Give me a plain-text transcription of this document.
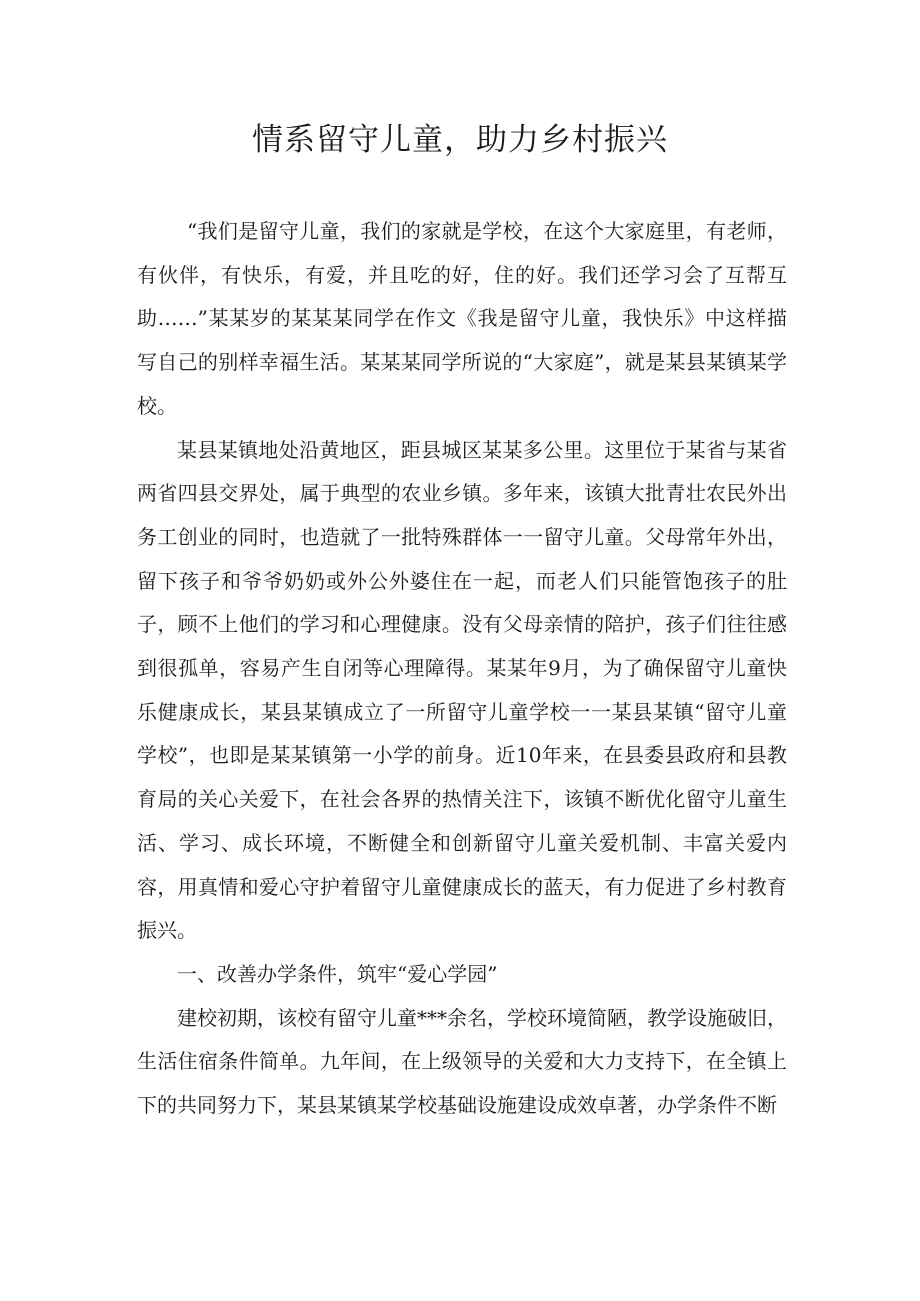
情系留守儿童，助力乡村振兴

“我们是留守儿童，我们的家就是学校，在这个大家庭里，有老师，有伙伴，有快乐，有爱，并且吃的好，住的好。我们还学习会了互帮互助……”某某岁的某某某同学在作文《我是留守儿童，我快乐》中这样描写自己的别样幸福生活。某某某同学所说的“大家庭”，就是某县某镇某学校。

某县某镇地处沿黄地区，距县城区某某多公里。这里位于某省与某省两省四县交界处，属于典型的农业乡镇。多年来，该镇大批青壮农民外出务工创业的同时，也造就了一批特殊群体一一留守儿童。父母常年外出，留下孩子和爷爷奶奶或外公外婆住在一起，而老人们只能管饱孩子的肚子，顾不上他们的学习和心理健康。没有父母亲情的陪护，孩子们往往感到很孤单，容易产生自闭等心理障得。某某年9月，为了确保留守儿童快乐健康成长，某县某镇成立了一所留守儿童学校一一某县某镇“留守儿童学校”，也即是某某镇第一小学的前身。近10年来，在县委县政府和县教育局的关心关爱下，在社会各界的热情关注下，该镇不断优化留守儿童生活、学习、成长环境，不断健全和创新留守儿童关爱机制、丰富关爱内容，用真情和爱心守护着留守儿童健康成长的蓝天，有力促进了乡村教育振兴。

一、改善办学条件，筑牢“爱心学园”

建校初期，该校有留守儿童***余名，学校环境简陋，教学设施破旧，生活住宿条件简单。九年间，在上级领导的关爱和大力支持下，在全镇上下的共同努力下，某县某镇某学校基础设施建设成效卓著，办学条件不断
